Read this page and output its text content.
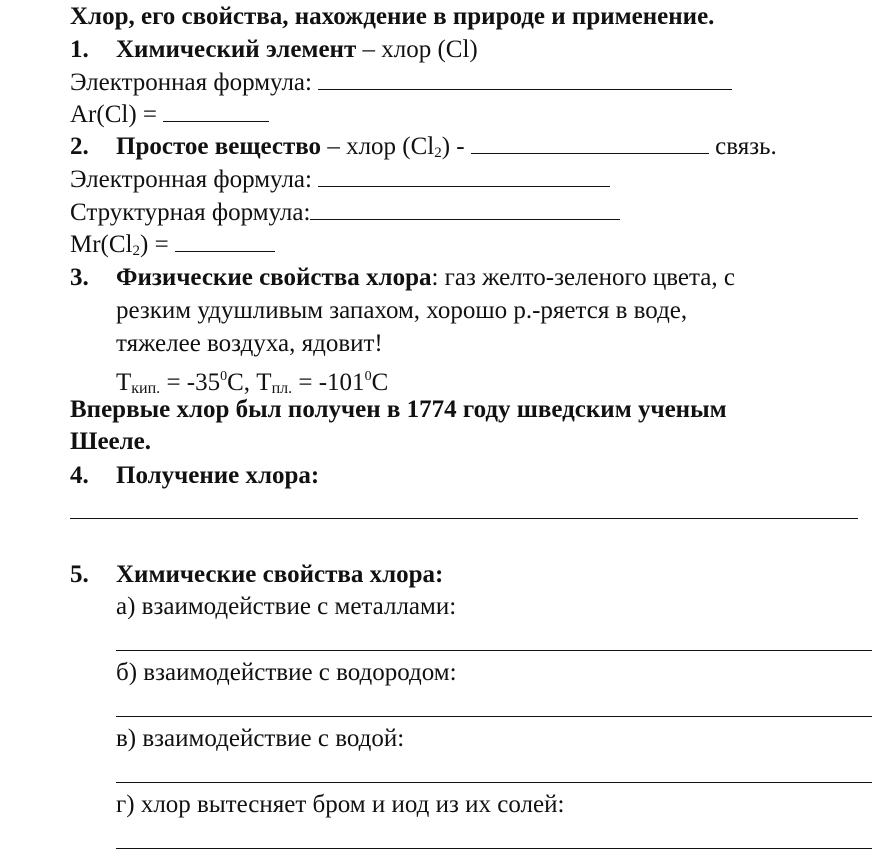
Хлор, его свойства, нахождение в природе и применение.
1. Химический элемент – хлор (Cl)
Электронная формула:
Ar(Cl) =
2. Простое вещество – хлор $(Cl_2)$ -	связь.
Электронная формула:
Структурная формула:
$Mr(Cl_2)$ =
3. Физические свойства хлора: газ желто-зеленого цвета, с
резким удушливым запахом, хорошо р.-ряется в воде,
тяжелее воздуха, ядовит!
$T_{кип.} = -35^0С$, $Т_{пл.} = -101^0С$
Впервые хлор был получен в 1774 году шведским ученым
Шееле.
4. Получение хлора:
5. Химические свойства хлора:
а) взаимодействие с металлами:
б) взаимодействие с водородом:
в) взаимодействие с водой:
г) хлор вытесняет бром и иод из их солей:
